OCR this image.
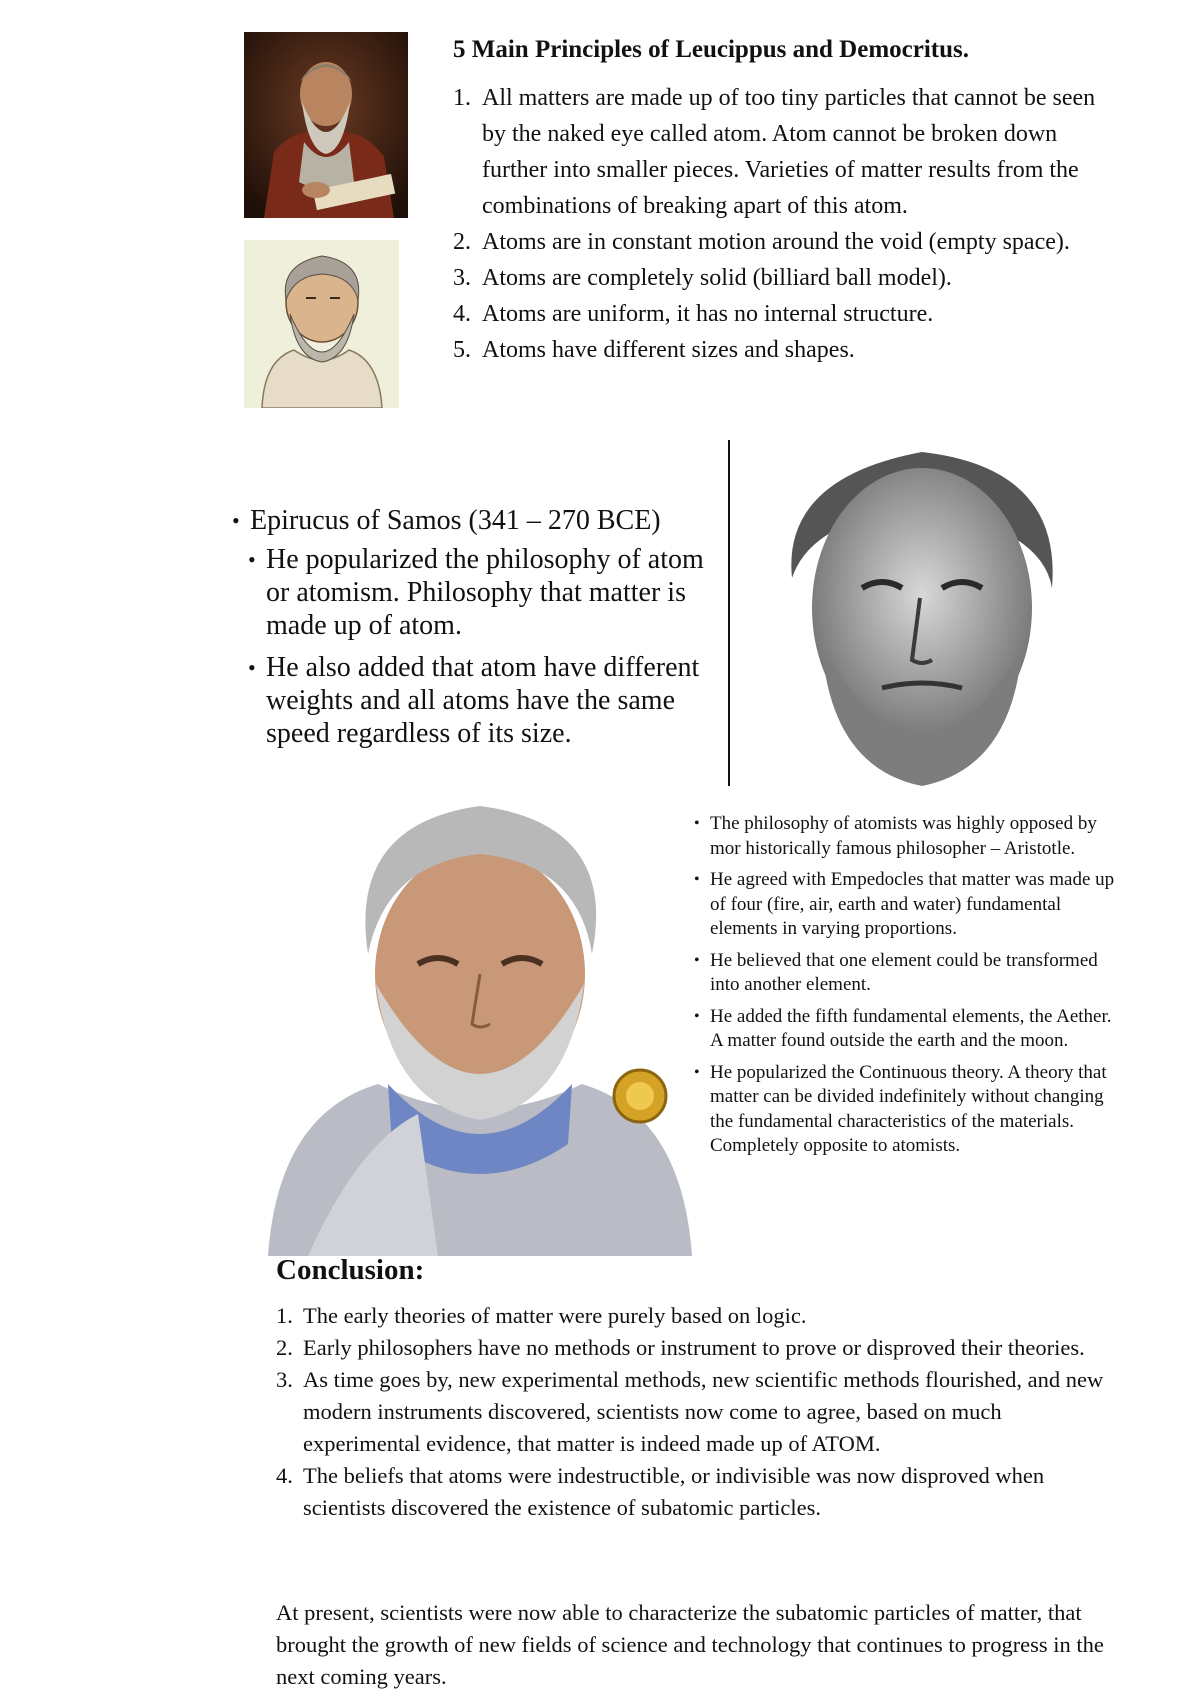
5 Main Principles of Leucippus and Democritus.
1. All matters are made up of too tiny particles that cannot be seen by the naked eye called atom. Atom cannot be broken down further into smaller pieces. Varieties of matter results from the combinations of breaking apart of this atom.
2. Atoms are in constant motion around the void (empty space).
3. Atoms are completely solid (billiard ball model).
4. Atoms are uniform, it has no internal structure.
5. Atoms have different sizes and shapes.
• Epirucus of Samos (341 – 270 BCE)
• He popularized the philosophy of atom or atomism. Philosophy that matter is made up of atom.
• He also added that atom have different weights and all atoms have the same speed regardless of its size.
• The philosophy of atomists was highly opposed by mor historically famous philosopher – Aristotle.
• He agreed with Empedocles that matter was made up of four (fire, air, earth and water) fundamental elements in varying proportions.
• He believed that one element could be transformed into another element.
• He added the fifth fundamental elements, the Aether. A matter found outside the earth and the moon.
• He popularized the Continuous theory. A theory that matter can be divided indefinitely without changing the fundamental characteristics of the materials. Completely opposite to atomists.
Conclusion:
1. The early theories of matter were purely based on logic.
2. Early philosophers have no methods or instrument to prove or disproved their theories.
3. As time goes by, new experimental methods, new scientific methods flourished, and new modern instruments discovered, scientists now come to agree, based on much experimental evidence, that matter is indeed made up of ATOM.
4. The beliefs that atoms were indestructible, or indivisible was now disproved when scientists discovered the existence of subatomic particles.

At present, scientists were now able to characterize the subatomic particles of matter, that brought the growth of new fields of science and technology that continues to progress in the next coming years.
